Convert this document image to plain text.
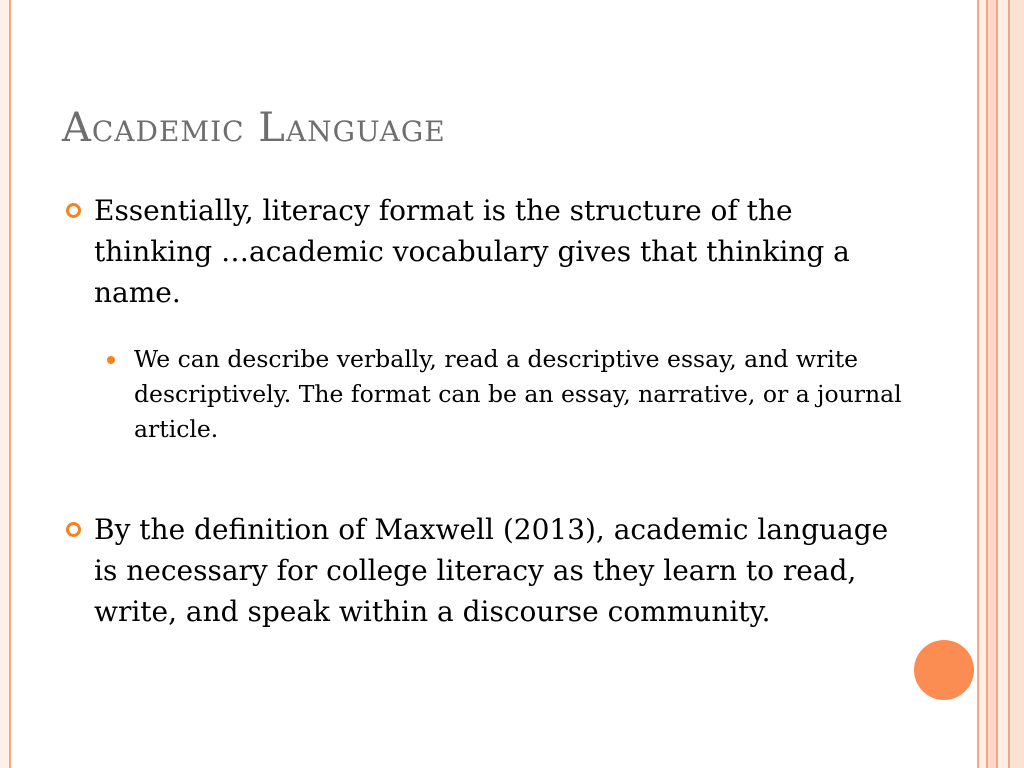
Academic Language
Essentially, literacy format is the structure of the thinking …academic vocabulary gives that thinking a name.
We can describe verbally, read a descriptive essay, and write descriptively. The format can be an essay, narrative, or a journal article.
By the definition of Maxwell (2013), academic language is necessary for college literacy as they learn to read, write, and speak within a discourse community.
